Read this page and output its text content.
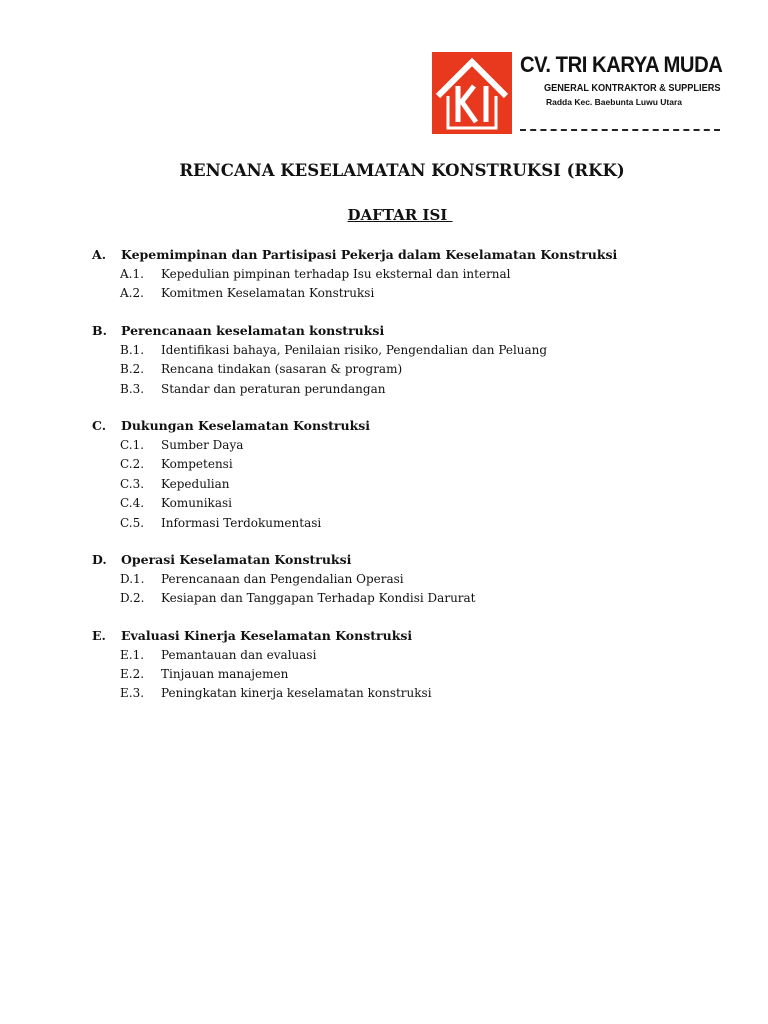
CV. TRI KARYA MUDA
GENERAL KONTRAKTOR & SUPPLIERS
Radda Kec. Baebunta Luwu Utara
RENCANA KESELAMATAN KONSTRUKSI (RKK)
DAFTAR ISI
A.	Kepemimpinan dan Partisipasi Pekerja dalam Keselamatan Konstruksi
A.1.	Kepedulian pimpinan terhadap Isu eksternal dan internal
A.2.	Komitmen Keselamatan Konstruksi
B.	Perencanaan keselamatan konstruksi
B.1.	Identifikasi bahaya, Penilaian risiko, Pengendalian dan Peluang
B.2.	Rencana tindakan (sasaran & program)
B.3.	Standar dan peraturan perundangan
C.	Dukungan Keselamatan Konstruksi
C.1.	Sumber Daya
C.2.	Kompetensi
C.3.	Kepedulian
C.4.	Komunikasi
C.5.	Informasi Terdokumentasi
D.	Operasi Keselamatan Konstruksi
D.1.	Perencanaan dan Pengendalian Operasi
D.2.	Kesiapan dan Tanggapan Terhadap Kondisi Darurat
E.	Evaluasi Kinerja Keselamatan Konstruksi
E.1.	Pemantauan dan evaluasi
E.2.	Tinjauan manajemen
E.3.	Peningkatan kinerja keselamatan konstruksi
